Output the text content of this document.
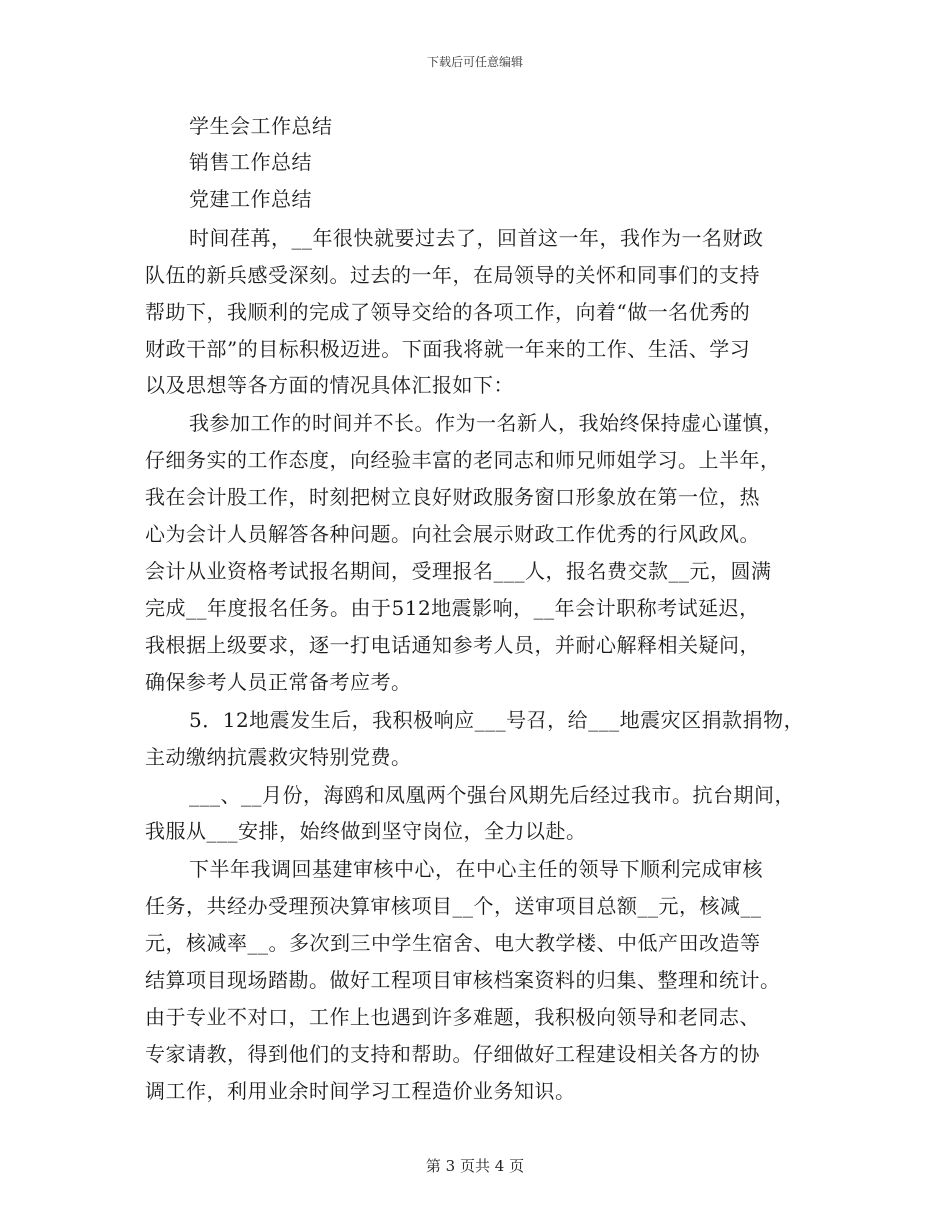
下载后可任意编辑
学生会工作总结
销售工作总结
党建工作总结
时间荏苒，__年很快就要过去了，回首这一年，我作为一名财政
队伍的新兵感受深刻。过去的一年，在局领导的关怀和同事们的支持
帮助下，我顺利的完成了领导交给的各项工作，向着“做一名优秀的
财政干部”的目标积极迈进。下面我将就一年来的工作、生活、学习
以及思想等各方面的情况具体汇报如下：
我参加工作的时间并不长。作为一名新人，我始终保持虚心谨慎，
仔细务实的工作态度，向经验丰富的老同志和师兄师姐学习。上半年，
我在会计股工作，时刻把树立良好财政服务窗口形象放在第一位，热
心为会计人员解答各种问题。向社会展示财政工作优秀的行风政风。
会计从业资格考试报名期间，受理报名___人，报名费交款__元，圆满
完成__年度报名任务。由于512地震影响，__年会计职称考试延迟，
我根据上级要求，逐一打电话通知参考人员，并耐心解释相关疑问，
确保参考人员正常备考应考。
5．12地震发生后，我积极响应___号召，给___地震灾区捐款捐物，
主动缴纳抗震救灾特别党费。
___、__月份，海鸥和凤凰两个强台风期先后经过我市。抗台期间，
我服从___安排，始终做到坚守岗位，全力以赴。
下半年我调回基建审核中心，在中心主任的领导下顺利完成审核
任务，共经办受理预决算审核项目__个，送审项目总额__元，核减__
元，核减率__。多次到三中学生宿舍、电大教学楼、中低产田改造等
结算项目现场踏勘。做好工程项目审核档案资料的归集、整理和统计。
由于专业不对口，工作上也遇到许多难题，我积极向领导和老同志、
专家请教，得到他们的支持和帮助。仔细做好工程建设相关各方的协
调工作，利用业余时间学习工程造价业务知识。
第 3 页共 4 页
